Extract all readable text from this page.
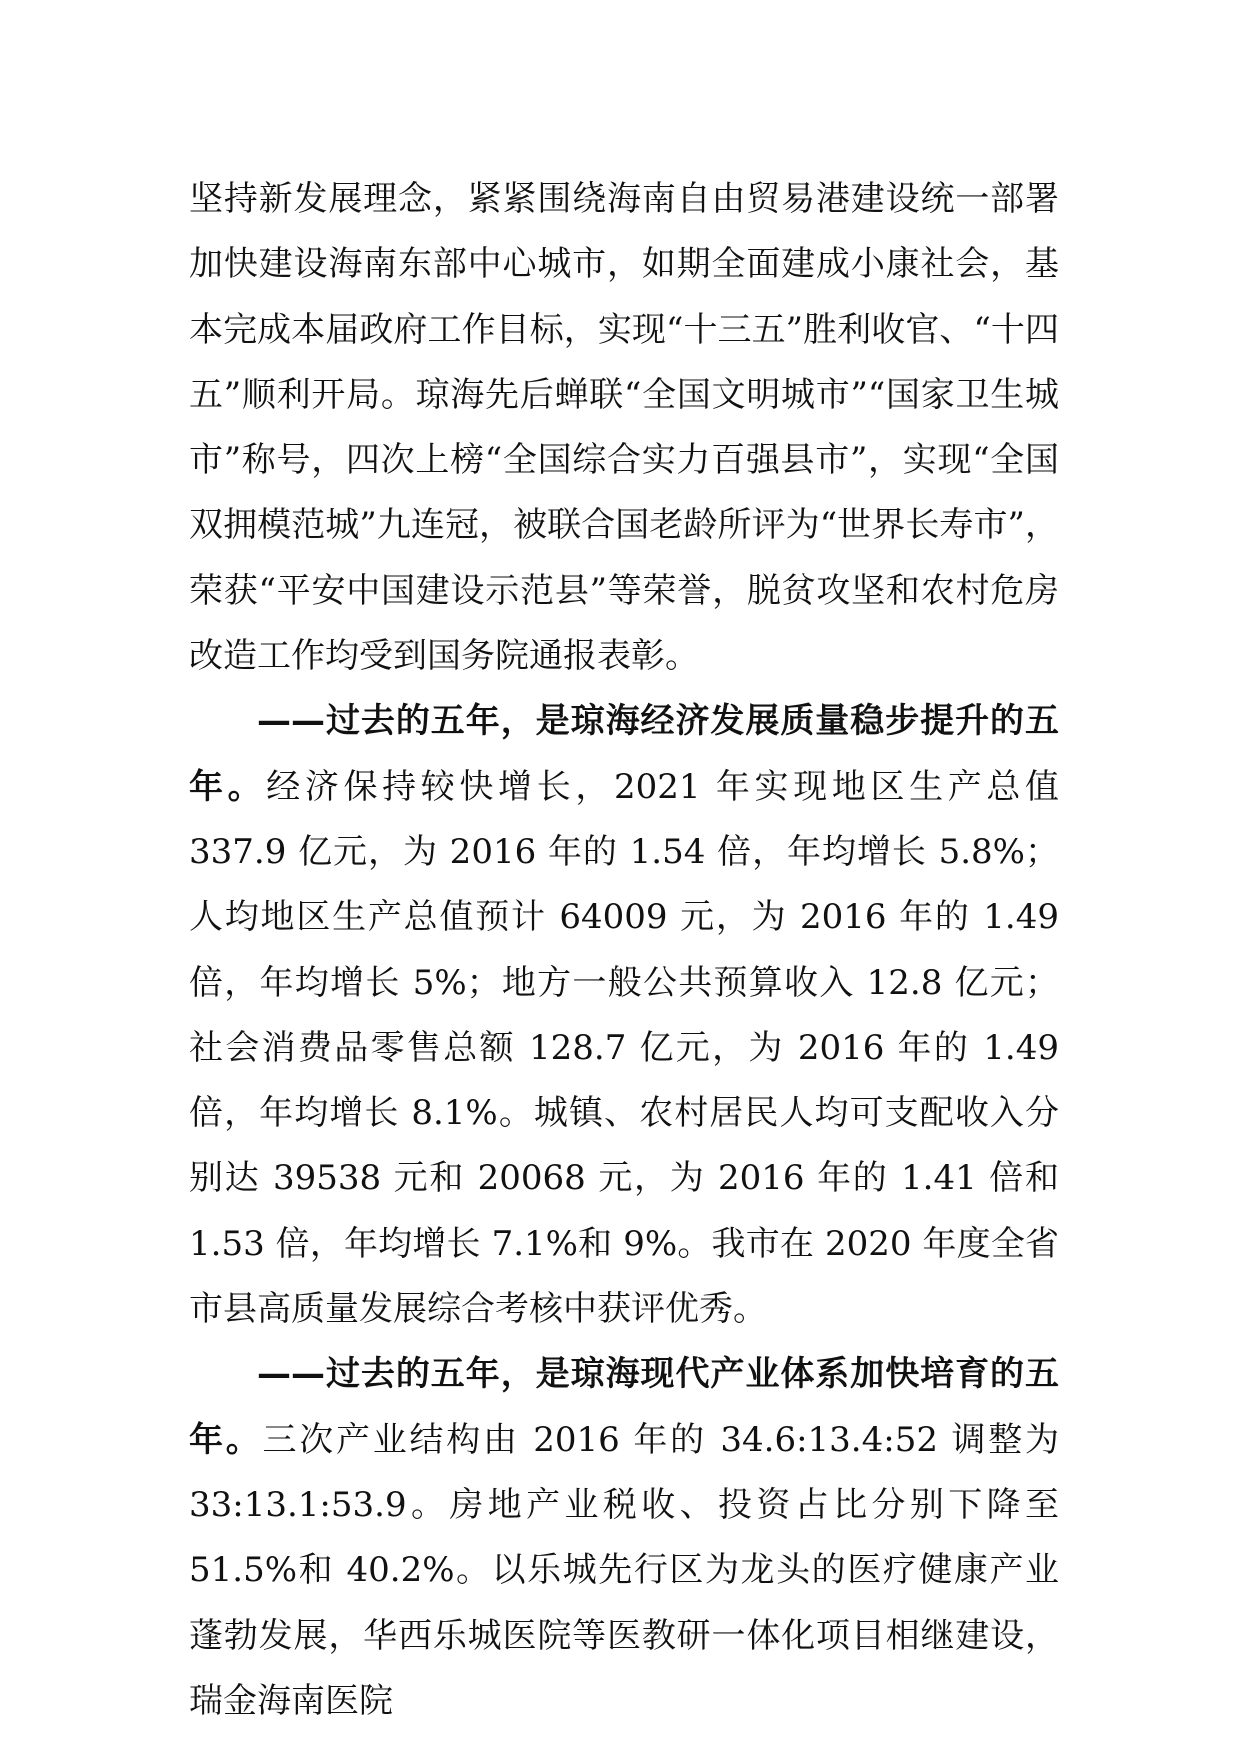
坚持新发展理念，紧紧围绕海南自由贸易港建设统一部署加快建设海南东部中心城市，如期全面建成小康社会，基本完成本届政府工作目标，实现“十三五”胜利收官、“十四五”顺利开局。琼海先后蝉联“全国文明城市”“国家卫生城市”称号，四次上榜“全国综合实力百强县市”，实现“全国双拥模范城”九连冠，被联合国老龄所评为“世界长寿市”，荣获“平安中国建设示范县”等荣誉，脱贫攻坚和农村危房改造工作均受到国务院通报表彰。

——过去的五年，是琼海经济发展质量稳步提升的五年。经济保持较快增长，2021 年实现地区生产总值 337.9 亿元，为 2016 年的 1.54 倍，年均增长 5.8%；人均地区生产总值预计 64009 元，为 2016 年的 1.49 倍，年均增长 5%；地方一般公共预算收入 12.8 亿元；社会消费品零售总额 128.7 亿元，为 2016 年的 1.49 倍，年均增长 8.1%。城镇、农村居民人均可支配收入分别达 39538 元和 20068 元，为 2016 年的 1.41 倍和 1.53 倍，年均增长 7.1%和 9%。我市在 2020 年度全省市县高质量发展综合考核中获评优秀。

——过去的五年，是琼海现代产业体系加快培育的五年。三次产业结构由 2016 年的 34.6:13.4:52 调整为 33:13.1:53.9。房地产业税收、投资占比分别下降至 51.5%和 40.2%。以乐城先行区为龙头的医疗健康产业蓬勃发展，华西乐城医院等医教研一体化项目相继建设，瑞金海南医院
